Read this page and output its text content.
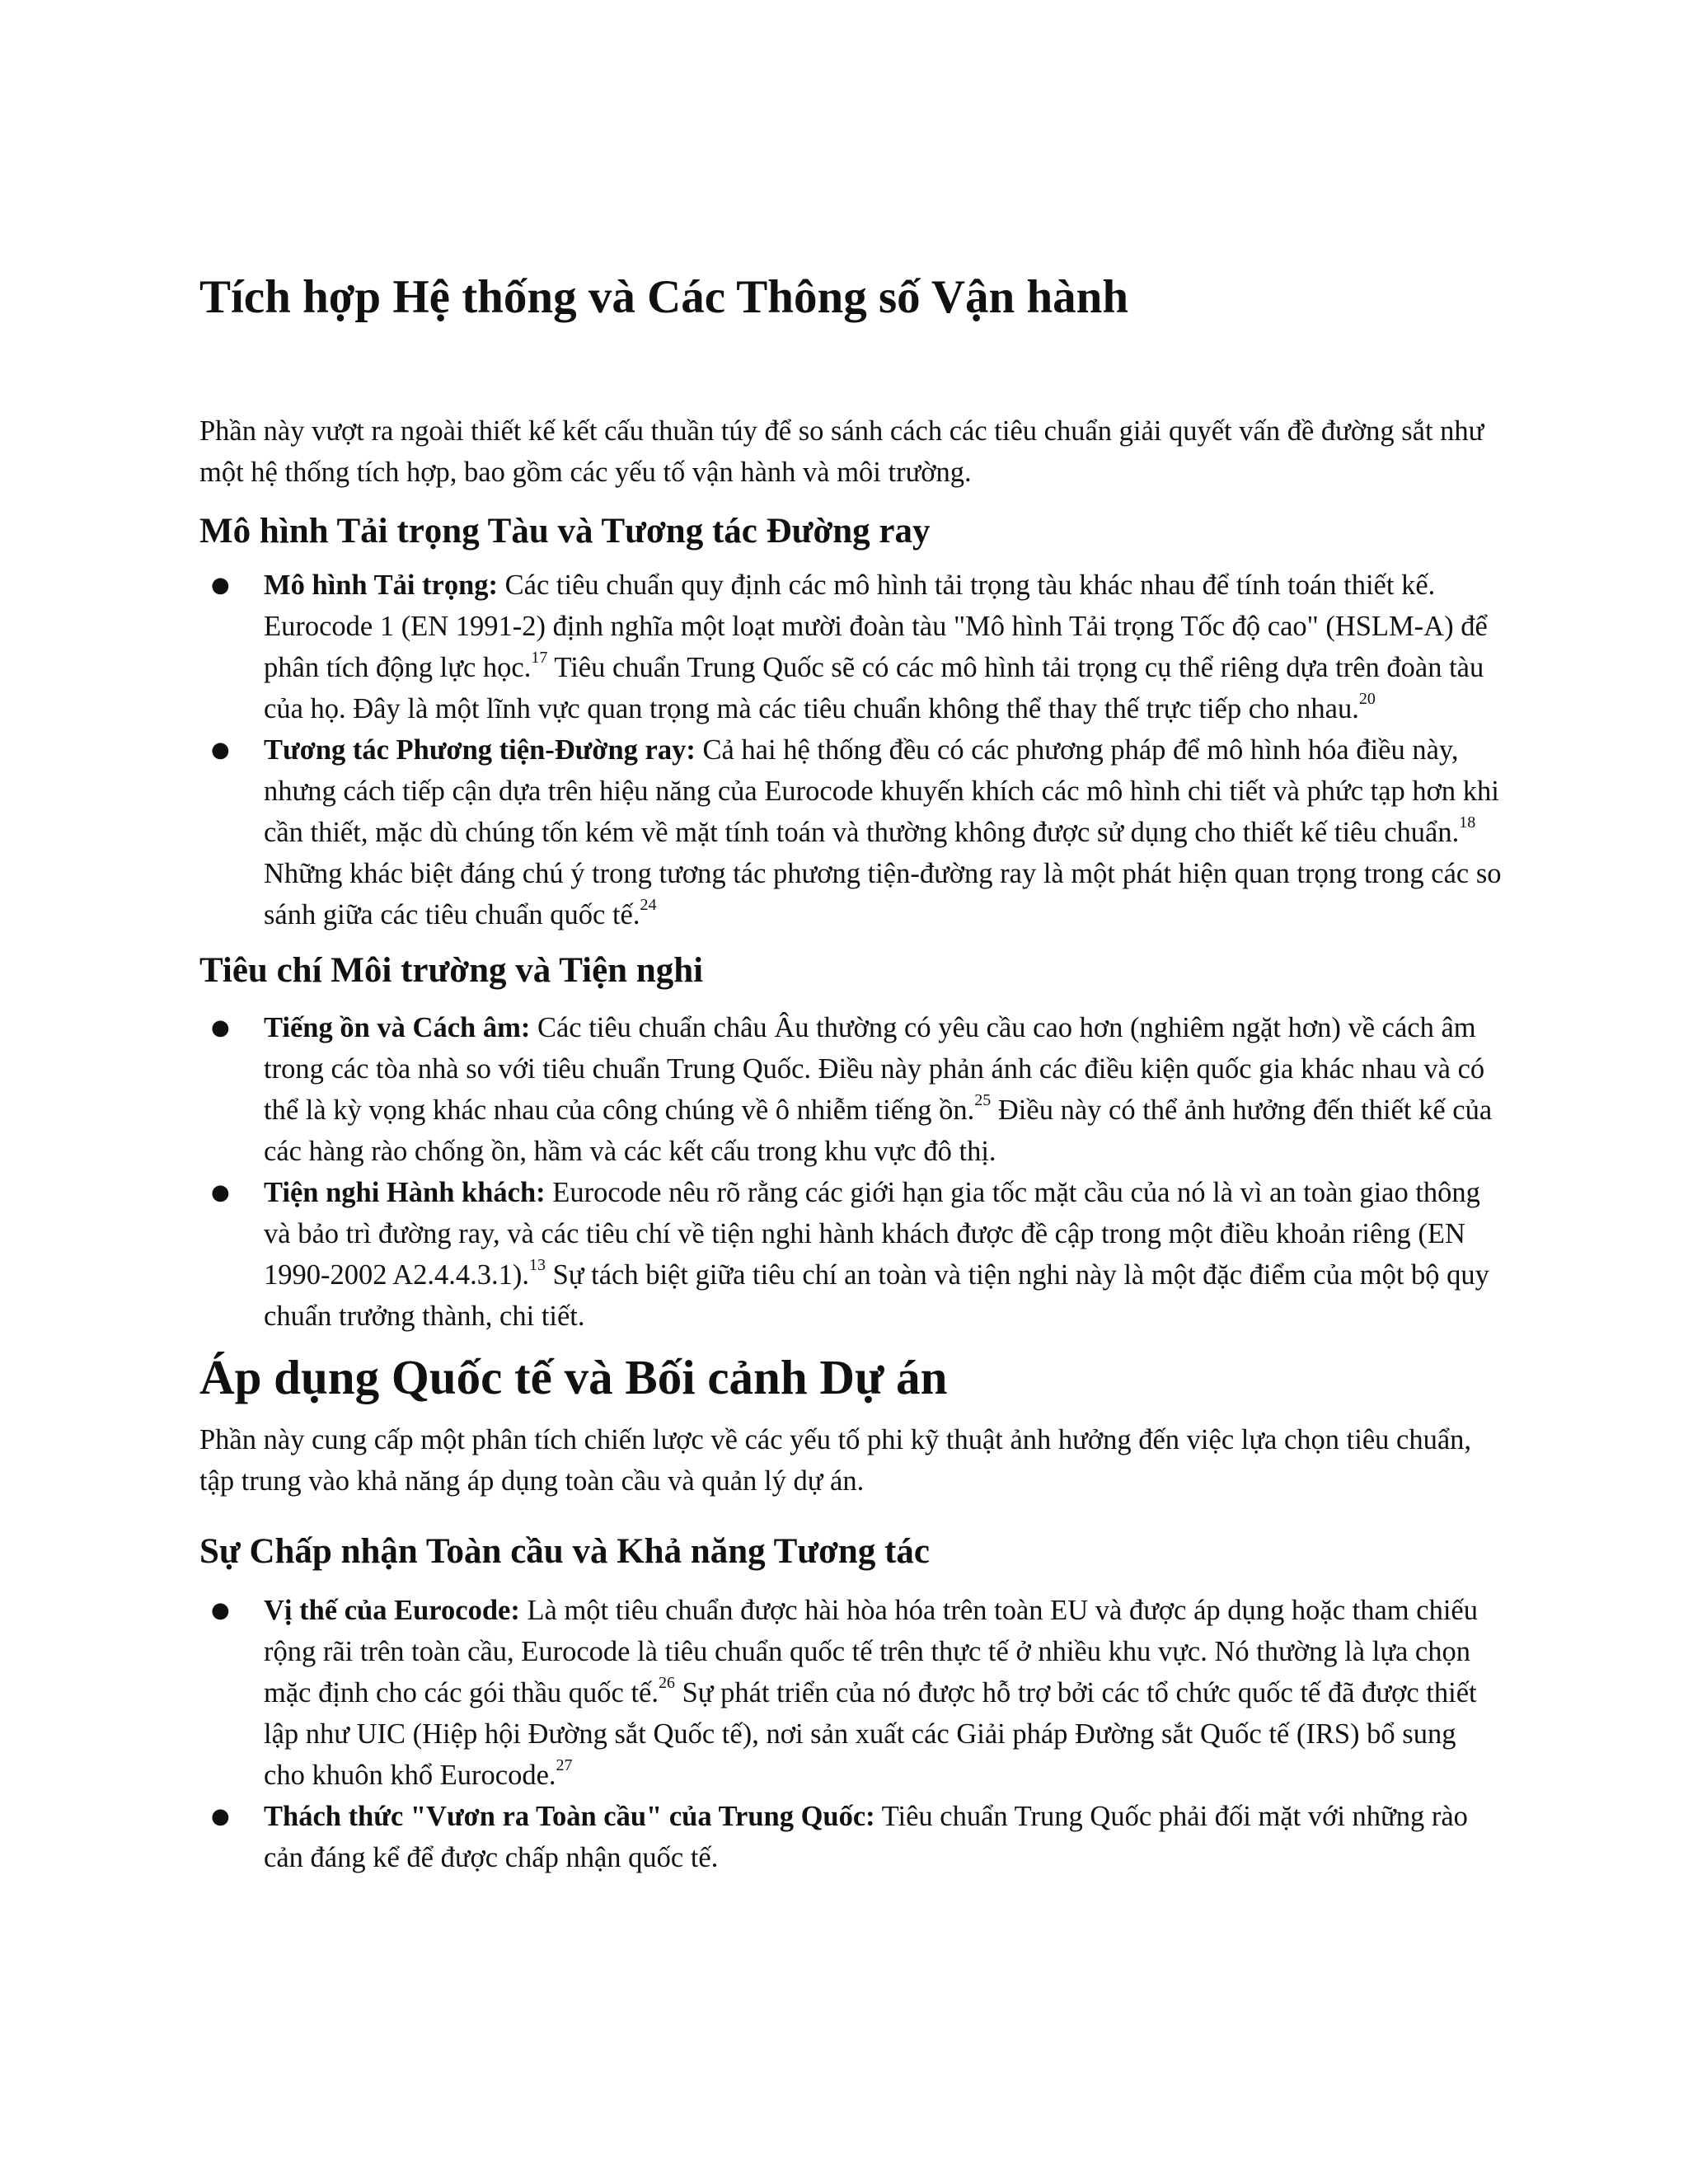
Tích hợp Hệ thống và Các Thông số Vận hành

Phần này vượt ra ngoài thiết kế kết cấu thuần túy để so sánh cách các tiêu chuẩn giải quyết vấn đề đường sắt như một hệ thống tích hợp, bao gồm các yếu tố vận hành và môi trường.

Mô hình Tải trọng Tàu và Tương tác Đường ray
● Mô hình Tải trọng: Các tiêu chuẩn quy định các mô hình tải trọng tàu khác nhau để tính toán thiết kế. Eurocode 1 (EN 1991-2) định nghĩa một loạt mười đoàn tàu "Mô hình Tải trọng Tốc độ cao" (HSLM-A) để phân tích động lực học.$^{17}$ Tiêu chuẩn Trung Quốc sẽ có các mô hình tải trọng cụ thể riêng dựa trên đoàn tàu của họ. Đây là một lĩnh vực quan trọng mà các tiêu chuẩn không thể thay thế trực tiếp cho nhau.$^{20}$
● Tương tác Phương tiện-Đường ray: Cả hai hệ thống đều có các phương pháp để mô hình hóa điều này, nhưng cách tiếp cận dựa trên hiệu năng của Eurocode khuyến khích các mô hình chi tiết và phức tạp hơn khi cần thiết, mặc dù chúng tốn kém về mặt tính toán và thường không được sử dụng cho thiết kế tiêu chuẩn.$^{18}$ Những khác biệt đáng chú ý trong tương tác phương tiện-đường ray là một phát hiện quan trọng trong các so sánh giữa các tiêu chuẩn quốc tế.$^{24}$
Tiêu chí Môi trường và Tiện nghi
● Tiếng ồn và Cách âm: Các tiêu chuẩn châu Âu thường có yêu cầu cao hơn (nghiêm ngặt hơn) về cách âm trong các tòa nhà so với tiêu chuẩn Trung Quốc. Điều này phản ánh các điều kiện quốc gia khác nhau và có thể là kỳ vọng khác nhau của công chúng về ô nhiễm tiếng ồn.$^{25}$ Điều này có thể ảnh hưởng đến thiết kế của các hàng rào chống ồn, hầm và các kết cấu trong khu vực đô thị.
● Tiện nghi Hành khách: Eurocode nêu rõ rằng các giới hạn gia tốc mặt cầu của nó là vì an toàn giao thông và bảo trì đường ray, và các tiêu chí về tiện nghi hành khách được đề cập trong một điều khoản riêng (EN 1990-2002 A2.4.4.3.1).$^{13}$ Sự tách biệt giữa tiêu chí an toàn và tiện nghi này là một đặc điểm của một bộ quy chuẩn trưởng thành, chi tiết.
Áp dụng Quốc tế và Bối cảnh Dự án

Phần này cung cấp một phân tích chiến lược về các yếu tố phi kỹ thuật ảnh hưởng đến việc lựa chọn tiêu chuẩn, tập trung vào khả năng áp dụng toàn cầu và quản lý dự án.

Sự Chấp nhận Toàn cầu và Khả năng Tương tác
● Vị thế của Eurocode: Là một tiêu chuẩn được hài hòa hóa trên toàn EU và được áp dụng hoặc tham chiếu rộng rãi trên toàn cầu, Eurocode là tiêu chuẩn quốc tế trên thực tế ở nhiều khu vực. Nó thường là lựa chọn mặc định cho các gói thầu quốc tế.$^{26}$ Sự phát triển của nó được hỗ trợ bởi các tổ chức quốc tế đã được thiết lập như UIC (Hiệp hội Đường sắt Quốc tế), nơi sản xuất các Giải pháp Đường sắt Quốc tế (IRS) bổ sung cho khuôn khổ Eurocode.$^{27}$
● Thách thức "Vươn ra Toàn cầu" của Trung Quốc: Tiêu chuẩn Trung Quốc phải đối mặt với những rào cản đáng kể để được chấp nhận quốc tế.
